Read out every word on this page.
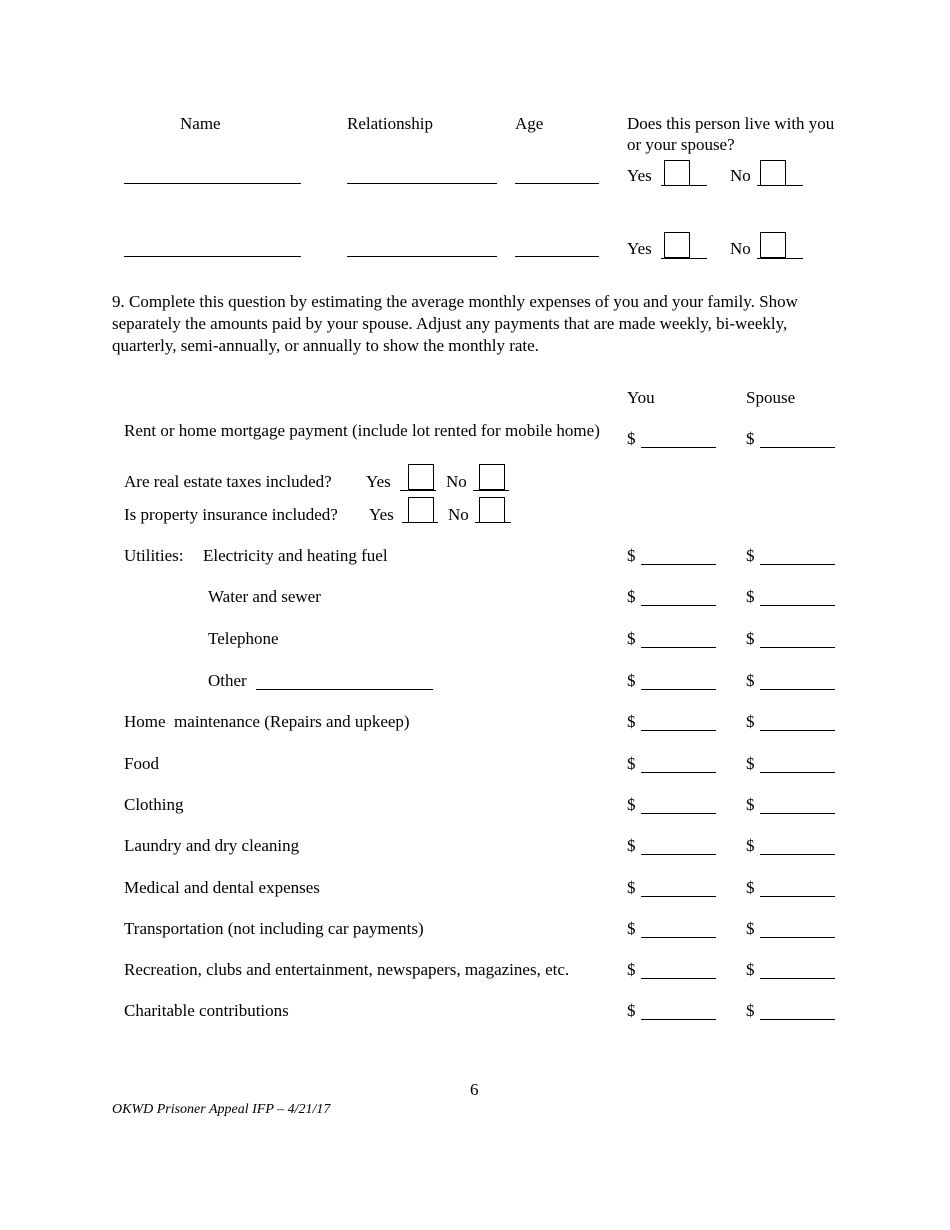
Name	Relationship	Age	Does this person live with you or your spouse?
Yes	No
Yes	No
9. Complete this question by estimating the average monthly expenses of you and your family. Show separately the amounts paid by your spouse. Adjust any payments that are made weekly, bi-weekly, quarterly, semi-annually, or annually to show the monthly rate.
You	Spouse
Rent or home mortgage payment (include lot rented for mobile home)	$	$
Are real estate taxes included? Yes	No
Is property insurance included? Yes	No
Utilities: Electricity and heating fuel	$	$
Water and sewer	$	$
Telephone	$	$
Other	$	$
Home  maintenance (Repairs and upkeep)	$	$
Food	$	$
Clothing	$	$
Laundry and dry cleaning	$	$
Medical and dental expenses	$	$
Transportation (not including car payments)	$	$
Recreation, clubs and entertainment, newspapers, magazines, etc.	$	$
Charitable contributions	$	$
6
OKWD Prisoner Appeal IFP – 4/21/17
